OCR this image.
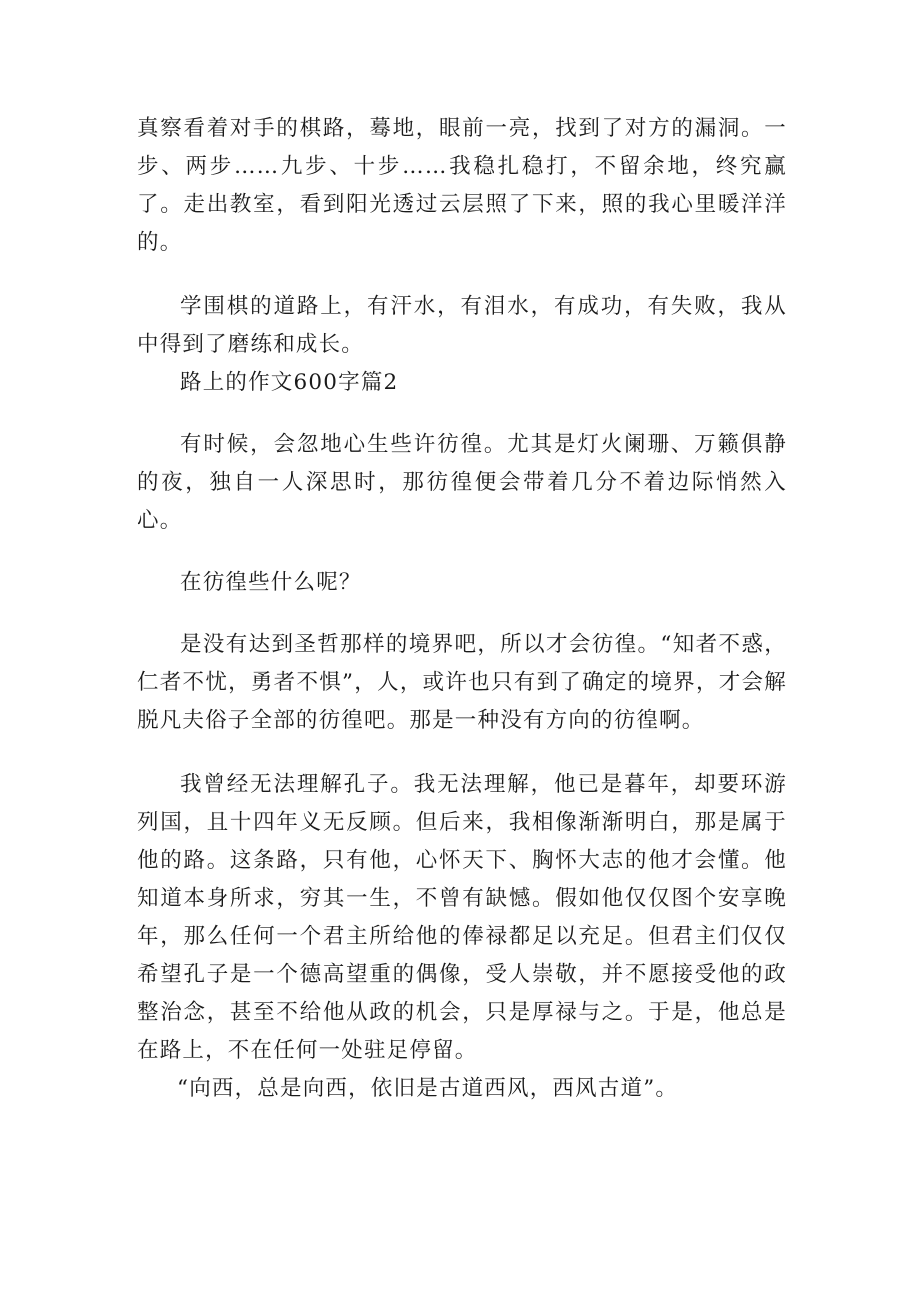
真察看着对手的棋路，蓦地，眼前一亮，找到了对方的漏洞。一步、两步……九步、十步……我稳扎稳打，不留余地，终究赢了。走出教室，看到阳光透过云层照了下来，照的我心里暖洋洋的。

学围棋的道路上，有汗水，有泪水，有成功，有失败，我从中得到了磨练和成长。

路上的作文600字篇2

有时候，会忽地心生些许彷徨。尤其是灯火阑珊、万籁俱静的夜，独自一人深思时，那彷徨便会带着几分不着边际悄然入心。

在彷徨些什么呢？

是没有达到圣哲那样的境界吧，所以才会彷徨。“知者不惑，仁者不忧，勇者不惧”，人，或许也只有到了确定的境界，才会解脱凡夫俗子全部的彷徨吧。那是一种没有方向的彷徨啊。

我曾经无法理解孔子。我无法理解，他已是暮年，却要环游列国，且十四年义无反顾。但后来，我相像渐渐明白，那是属于他的路。这条路，只有他，心怀天下、胸怀大志的他才会懂。他知道本身所求，穷其一生，不曾有缺憾。假如他仅仅图个安享晚年，那么任何一个君主所给他的俸禄都足以充足。但君主们仅仅希望孔子是一个德高望重的偶像，受人崇敬，并不愿接受他的政整治念，甚至不给他从政的机会，只是厚禄与之。于是，他总是在路上，不在任何一处驻足停留。

“向西，总是向西，依旧是古道西风，西风古道”。
